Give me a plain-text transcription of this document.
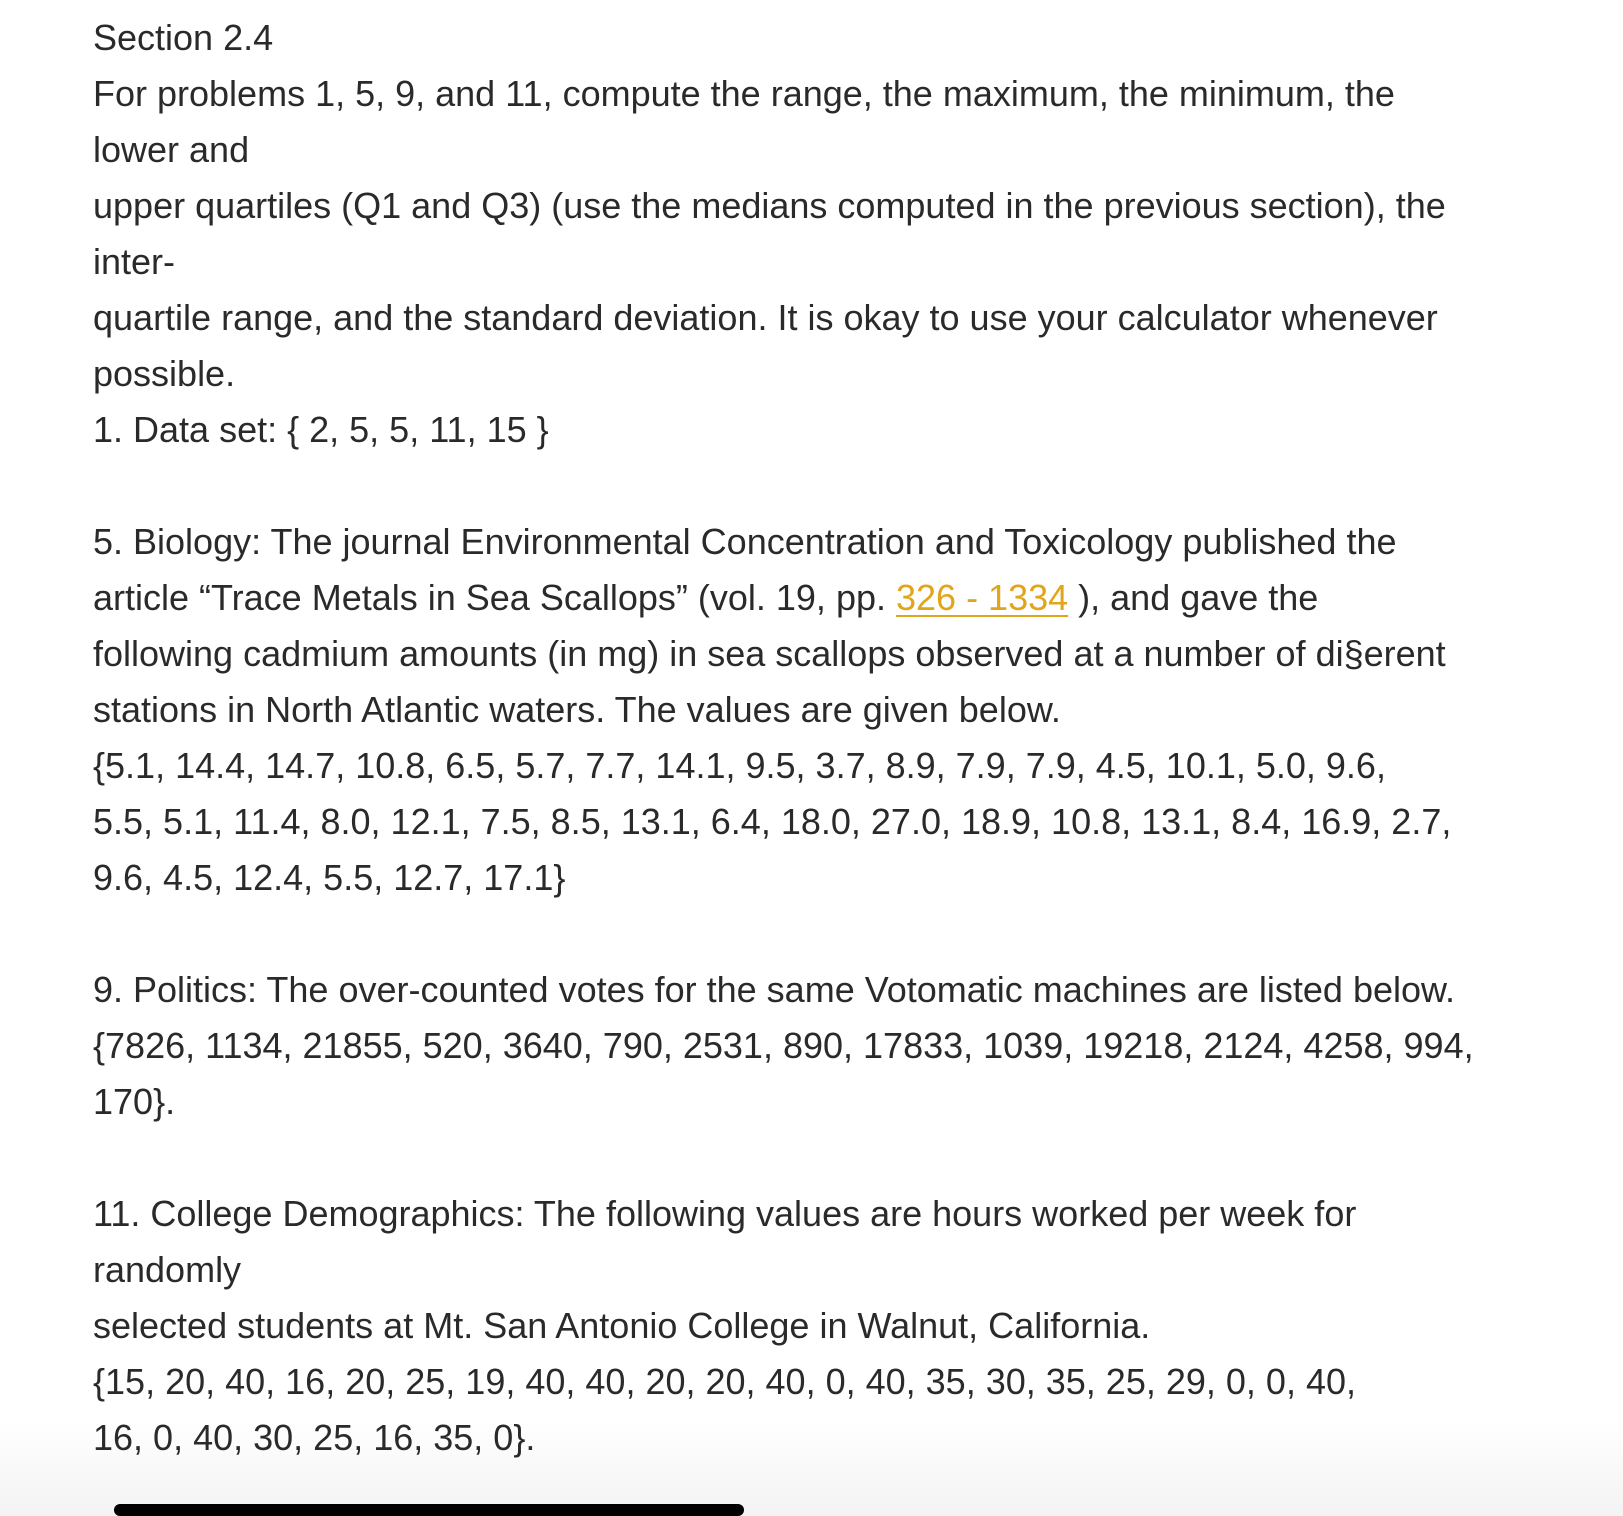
Section 2.4
For problems 1, 5, 9, and 11, compute the range, the maximum, the minimum, the
lower and
upper quartiles (Q1 and Q3) (use the medians computed in the previous section), the
inter-
quartile range, and the standard deviation. It is okay to use your calculator whenever
possible.
1. Data set: { 2, 5, 5, 11, 15 }
5. Biology: The journal Environmental Concentration and Toxicology published the
article “Trace Metals in Sea Scallops” (vol. 19, pp. 326 - 1334 ), and gave the
following cadmium amounts (in mg) in sea scallops observed at a number of di§erent
stations in North Atlantic waters. The values are given below.
{5.1, 14.4, 14.7, 10.8, 6.5, 5.7, 7.7, 14.1, 9.5, 3.7, 8.9, 7.9, 7.9, 4.5, 10.1, 5.0, 9.6,
5.5, 5.1, 11.4, 8.0, 12.1, 7.5, 8.5, 13.1, 6.4, 18.0, 27.0, 18.9, 10.8, 13.1, 8.4, 16.9, 2.7,
9.6, 4.5, 12.4, 5.5, 12.7, 17.1}
9. Politics: The over-counted votes for the same Votomatic machines are listed below.
{7826, 1134, 21855, 520, 3640, 790, 2531, 890, 17833, 1039, 19218, 2124, 4258, 994,
170}.
11. College Demographics: The following values are hours worked per week for
randomly
selected students at Mt. San Antonio College in Walnut, California.
{15, 20, 40, 16, 20, 25, 19, 40, 40, 20, 20, 40, 0, 40, 35, 30, 35, 25, 29, 0, 0, 40,
16, 0, 40, 30, 25, 16, 35, 0}.
